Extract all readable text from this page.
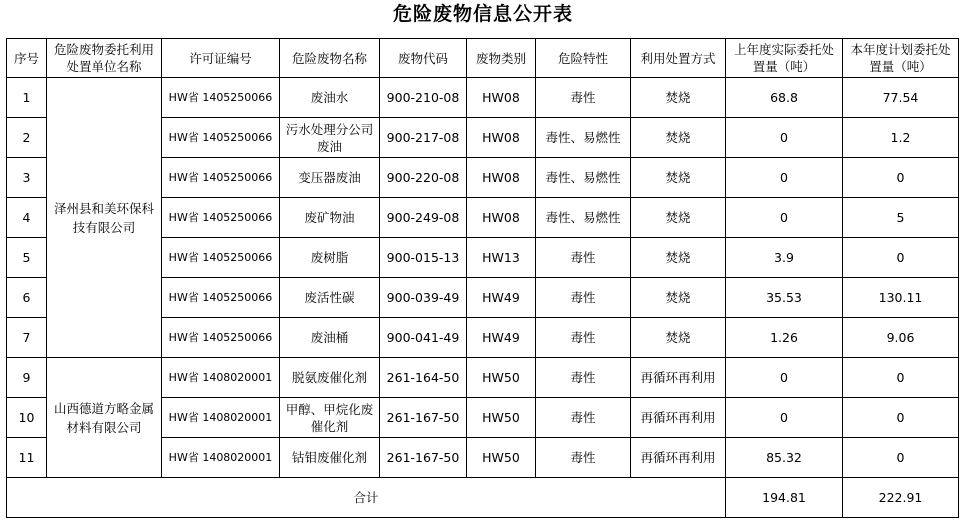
危险废物信息公开表
序号	危险废物委托利用处置单位名称	许可证编号	危险废物名称	废物代码	废物类别	危险特性	利用处置方式	上年度实际委托处置量（吨）	本年度计划委托处置量（吨）
1	泽州县和美环保科技有限公司	HW省 1405250066	废油水	900-210-08	HW08	毒性	焚烧	68.8	77.54
2		HW省 1405250066	污水处理分公司废油	900-217-08	HW08	毒性、易燃性	焚烧	0	1.2
3		HW省 1405250066	变压器废油	900-220-08	HW08	毒性、易燃性	焚烧	0	0
4		HW省 1405250066	废矿物油	900-249-08	HW08	毒性、易燃性	焚烧	0	5
5		HW省 1405250066	废树脂	900-015-13	HW13	毒性	焚烧	3.9	0
6		HW省 1405250066	废活性碳	900-039-49	HW49	毒性	焚烧	35.53	130.11
7		HW省 1405250066	废油桶	900-041-49	HW49	毒性	焚烧	1.26	9.06
9	山西德道方略金属材料有限公司	HW省 1408020001	脱氨废催化剂	261-164-50	HW50	毒性	再循环再利用	0	0
10		HW省 1408020001	甲醇、甲烷化废催化剂	261-167-50	HW50	毒性	再循环再利用	0	0
11		HW省 1408020001	钴钼废催化剂	261-167-50	HW50	毒性	再循环再利用	85.32	0
合计								194.81	222.91
